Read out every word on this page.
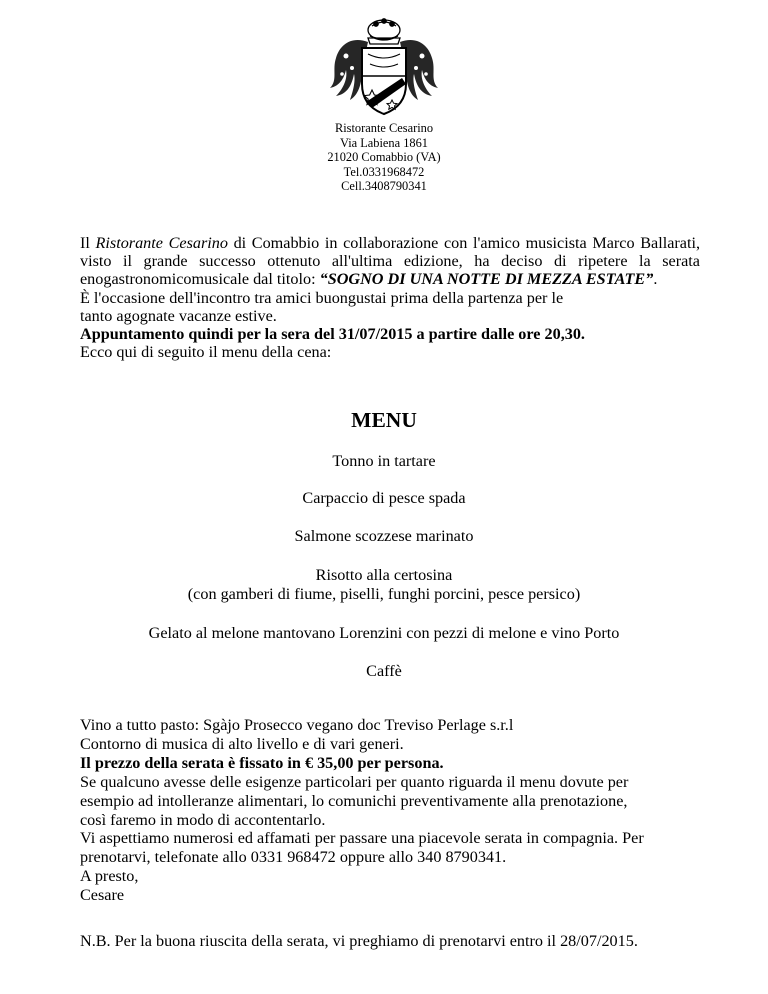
Ristorante Cesarino
Via Labiena 1861
21020 Comabbio (VA)
Tel.0331968472
Cell.3408790341
Il Ristorante Cesarino di Comabbio in collaborazione con l'amico musicista Marco Ballarati, visto il grande successo ottenuto all'ultima edizione, ha deciso di ripetere la serata enogastronomicomusicale dal titolo: “SOGNO DI UNA NOTTE DI MEZZA ESTATE”.
È l'occasione dell'incontro tra amici buongustai prima della partenza per le
tanto agognate vacanze estive.
Appuntamento quindi per la sera del 31/07/2015 a partire dalle ore 20,30.
Ecco qui di seguito il menu della cena:
MENU
Tonno in tartare
Carpaccio di pesce spada
Salmone scozzese marinato
Risotto alla certosina
(con gamberi di fiume, piselli, funghi porcini, pesce persico)
Gelato al melone mantovano Lorenzini con pezzi di melone e vino Porto
Caffè
Vino a tutto pasto: Sgàjo Prosecco vegano doc Treviso Perlage s.r.l
Contorno di musica di alto livello e di vari generi.
Il prezzo della serata è fissato in € 35,00 per persona.
Se qualcuno avesse delle esigenze particolari per quanto riguarda il menu dovute per
esempio ad intolleranze alimentari, lo comunichi preventivamente alla prenotazione,
così faremo in modo di accontentarlo.
Vi aspettiamo numerosi ed affamati per passare una piacevole serata in compagnia. Per
prenotarvi, telefonate allo 0331 968472 oppure allo 340 8790341.
A presto,
Cesare
N.B. Per la buona riuscita della serata, vi preghiamo di prenotarvi entro il 28/07/2015.
